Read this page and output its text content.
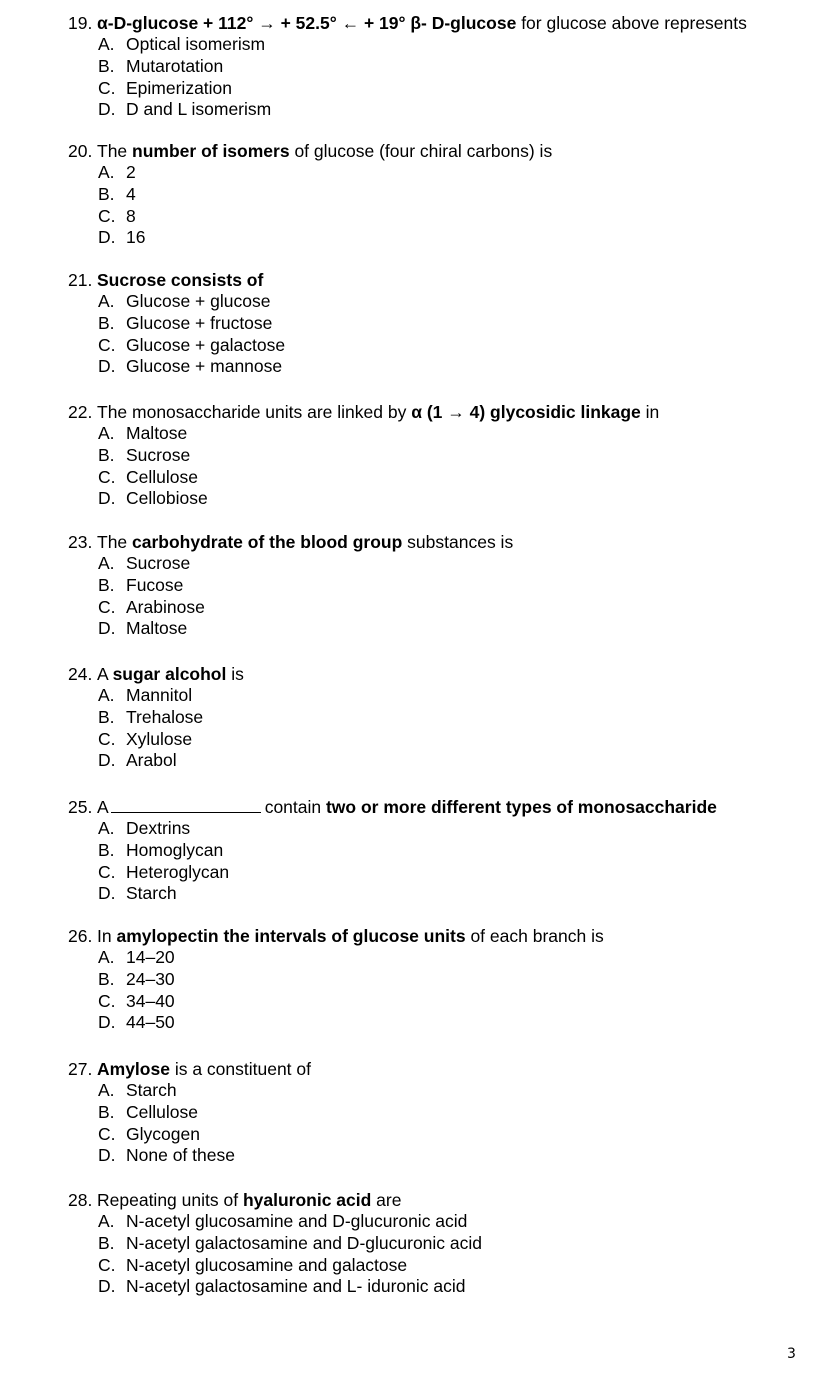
19. α-D-glucose + 112° → + 52.5° ← + 19° β- D-glucose for glucose above represents
A. Optical isomerism
B. Mutarotation
C. Epimerization
D. D and L isomerism
20. The number of isomers of glucose (four chiral carbons) is
A. 2
B. 4
C. 8
D. 16
21. Sucrose consists of
A. Glucose + glucose
B. Glucose + fructose
C. Glucose + galactose
D. Glucose + mannose
22. The monosaccharide units are linked by α (1 → 4) glycosidic linkage in
A. Maltose
B. Sucrose
C. Cellulose
D. Cellobiose
23. The carbohydrate of the blood group substances is
A. Sucrose
B. Fucose
C. Arabinose
D. Maltose
24. A sugar alcohol is
A. Mannitol
B. Trehalose
C. Xylulose
D. Arabol
25. A	contain two or more different types of monosaccharide
A. Dextrins
B. Homoglycan
C. Heteroglycan
D. Starch
26. In amylopectin the intervals of glucose units of each branch is
A. 14–20
B. 24–30
C. 34–40
D. 44–50
27. Amylose is a constituent of
A. Starch
B. Cellulose
C. Glycogen
D. None of these
28. Repeating units of hyaluronic acid are
A. N-acetyl glucosamine and D-glucuronic acid
B. N-acetyl galactosamine and D-glucuronic acid
C. N-acetyl glucosamine and galactose
D. N-acetyl galactosamine and L- iduronic acid
3
